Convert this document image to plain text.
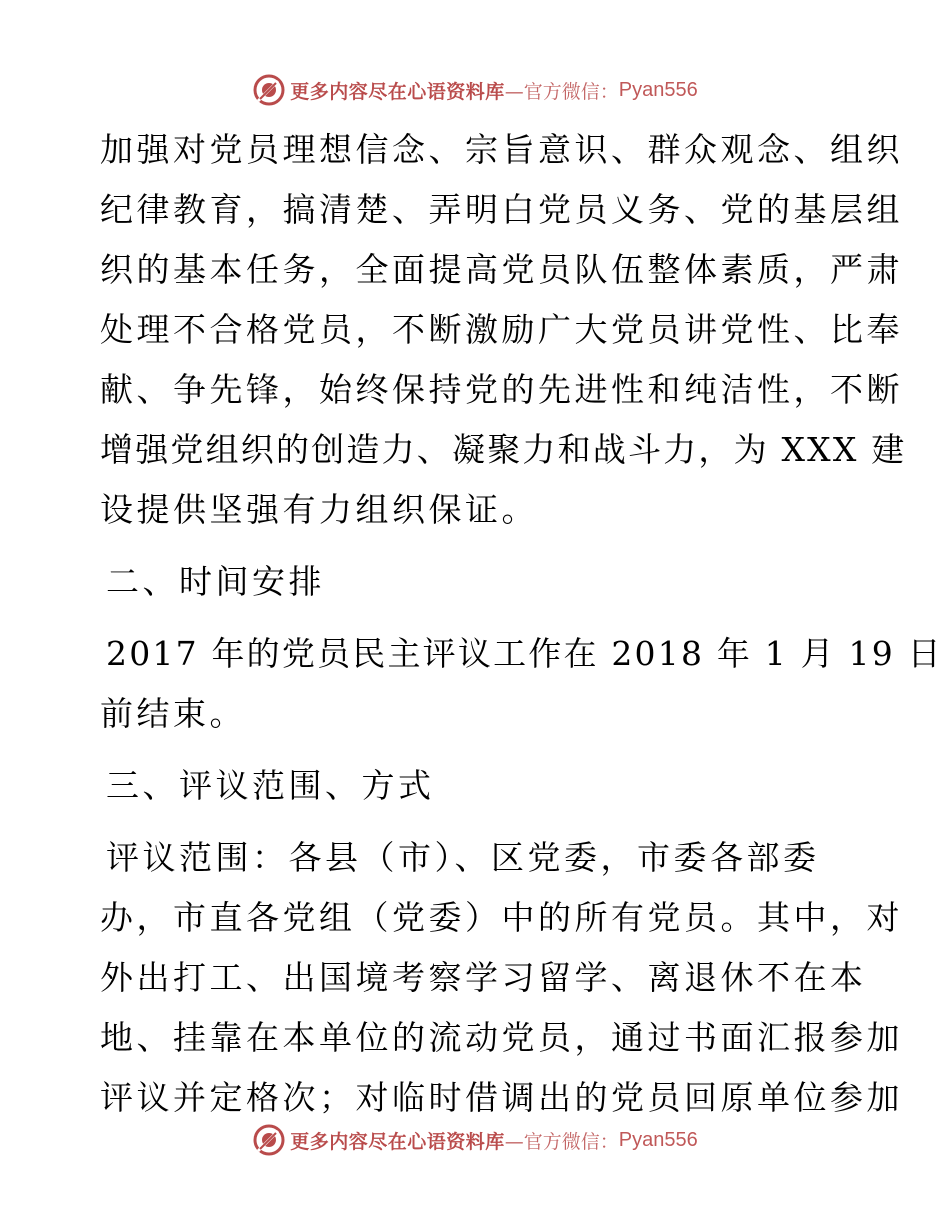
更多内容尽在心语资料库 —官方微信： Pyan556
加强对党员理想信念、宗旨意识、群众观念、组织
纪律教育，搞清楚、弄明白党员义务、党的基层组
织的基本任务，全面提高党员队伍整体素质，严肃
处理不合格党员，不断激励广大党员讲党性、比奉
献、争先锋，始终保持党的先进性和纯洁性，不断
增强党组织的创造力、凝聚力和战斗力，为 XXX 建
设提供坚强有力组织保证。
二、时间安排
2017 年的党员民主评议工作在 2018 年 1 月 19 日
前结束。
三、评议范围、方式
评议范围：各县（市）、区党委，市委各部委
办，市直各党组（党委）中的所有党员。其中，对
外出打工、出国境考察学习留学、离退休不在本
地、挂靠在本单位的流动党员，通过书面汇报参加
评议并定格次；对临时借调出的党员回原单位参加
更多内容尽在心语资料库 —官方微信： Pyan556
